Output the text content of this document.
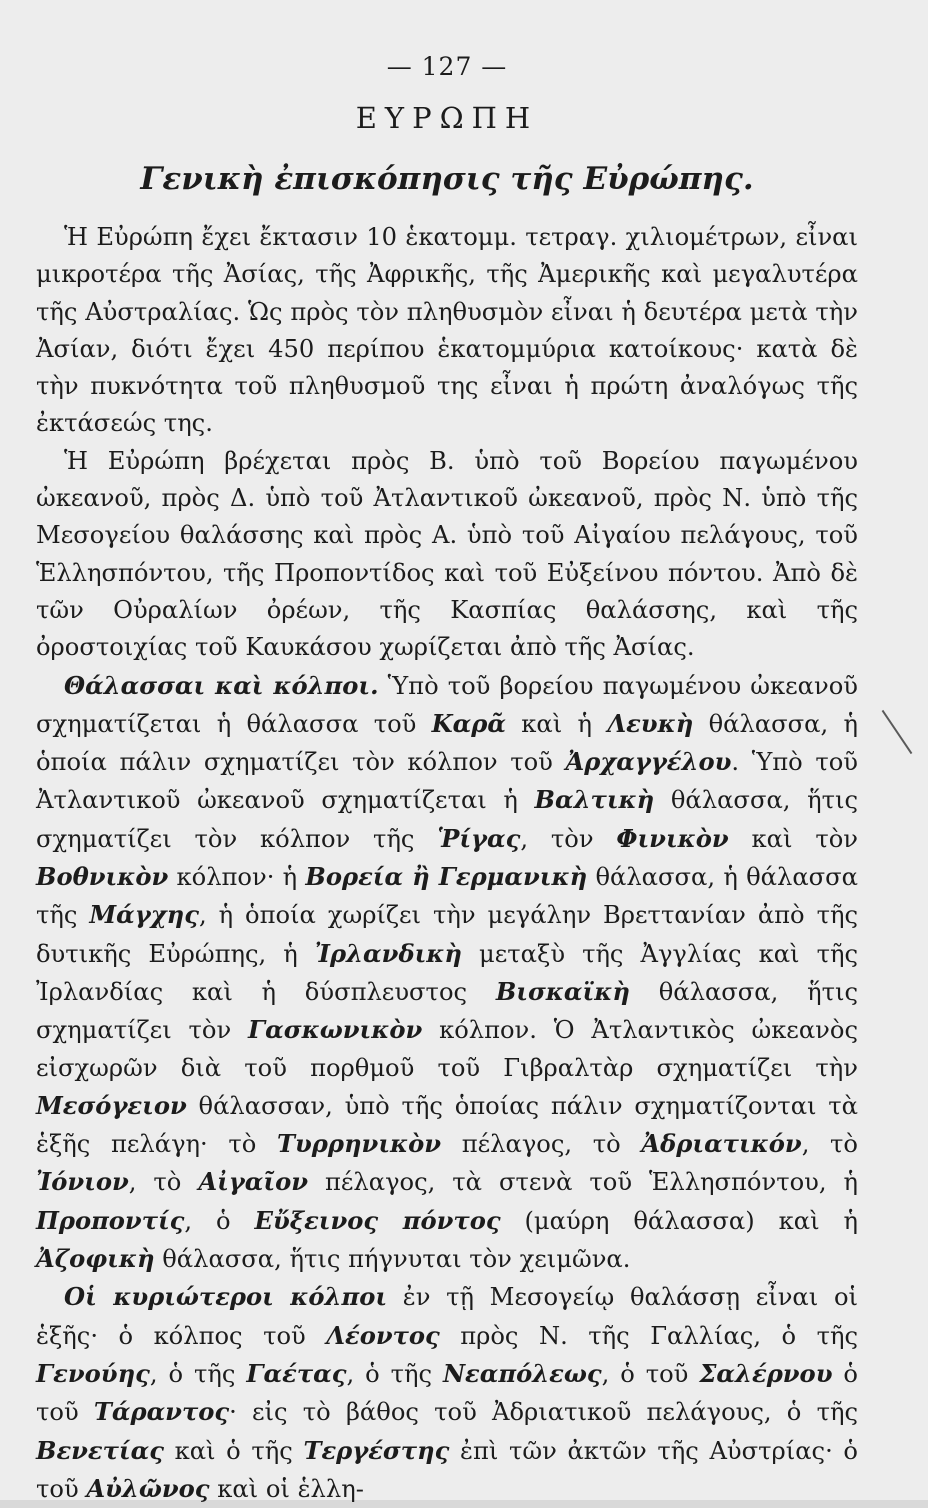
— 127 —
ΕΥΡΩΠΗ
Γενικὴ ἐπισκόπησις τῆς Εὐρώπης.

Ἡ Εὐρώπη ἔχει ἔκτασιν 10 ἑκατομμ. τετραγ. χιλιομέτρων, εἶναι μικροτέρα τῆς Ἀσίας, τῆς Ἀφρικῆς, τῆς Ἀμερικῆς καὶ μεγαλυτέρα τῆς Αὐστραλίας. Ὡς πρὸς τὸν πληθυσμὸν εἶναι ἡ δευτέρα μετὰ τὴν Ἀσίαν, διότι ἔχει 450 περίπου ἑκατομμύρια κατοίκους· κατὰ δὲ τὴν πυκνότητα τοῦ πληθυσμοῦ της εἶναι ἡ πρώτη ἀναλόγως τῆς ἐκτάσεώς της.

Ἡ Εὐρώπη βρέχεται πρὸς Β. ὑπὸ τοῦ Βορείου παγωμένου ὠκεανοῦ, πρὸς Δ. ὑπὸ τοῦ Ἀτλαντικοῦ ὠκεανοῦ, πρὸς Ν. ὑπὸ τῆς Μεσογείου θαλάσσης καὶ πρὸς Α. ὑπὸ τοῦ Αἰγαίου πελάγους, τοῦ Ἑλλησπόντου, τῆς Προποντίδος καὶ τοῦ Εὐξείνου πόντου. Ἀπὸ δὲ τῶν Οὐραλίων ὀρέων, τῆς Κασπίας θαλάσσης, καὶ τῆς ὀροστοιχίας τοῦ Καυκάσου χωρίζεται ἀπὸ τῆς Ἀσίας.

Θάλασσαι καὶ κόλποι. Ὑπὸ τοῦ βορείου παγωμένου ὠκεανοῦ σχηματίζεται ἡ θάλασσα τοῦ Καρᾶ καὶ ἡ Λευκὴ θάλασσα, ἡ ὁποία πάλιν σχηματίζει τὸν κόλπον τοῦ Ἀρχαγγέλου. Ὑπὸ τοῦ Ἀτλαντικοῦ ὠκεανοῦ σχηματίζεται ἡ Βαλτικὴ θάλασσα, ἥτις σχηματίζει τὸν κόλπον τῆς Ῥίγας, τὸν Φινικὸν καὶ τὸν Βοθνικὸν κόλπον· ἡ Βορεία ἢ Γερμανικὴ θάλασσα, ἡ θάλασσα τῆς Μάγχης, ἡ ὁποία χωρίζει τὴν μεγάλην Βρεττανίαν ἀπὸ τῆς δυτικῆς Εὐρώπης, ἡ Ἰρλανδικὴ μεταξὺ τῆς Ἀγγλίας καὶ τῆς Ἰρλανδίας καὶ ἡ δύσπλευστος Βισκαϊκὴ θάλασσα, ἥτις σχηματίζει τὸν Γασκωνικὸν κόλπον. Ὁ Ἀτλαντικὸς ὠκεανὸς εἰσχωρῶν διὰ τοῦ πορθμοῦ τοῦ Γιβραλτὰρ σχηματίζει τὴν Μεσόγειον θάλασσαν, ὑπὸ τῆς ὁποίας πάλιν σχηματίζονται τὰ ἑξῆς πελάγη· τὸ Τυρρηνικὸν πέλαγος, τὸ Ἀδριατικόν, τὸ Ἰόνιον, τὸ Αἰγαῖον πέλαγος, τὰ στενὰ τοῦ Ἑλλησπόντου, ἡ Προποντίς, ὁ Εὔξεινος πόντος (μαύρη θάλασσα) καὶ ἡ Ἀζοφικὴ θάλασσα, ἥτις πήγνυται τὸν χειμῶνα.

Οἱ κυριώτεροι κόλποι ἐν τῇ Μεσογείῳ θαλάσσῃ εἶναι οἱ ἑξῆς· ὁ κόλπος τοῦ Λέοντος πρὸς Ν. τῆς Γαλλίας, ὁ τῆς Γενούης, ὁ τῆς Γαέτας, ὁ τῆς Νεαπόλεως, ὁ τοῦ Σαλέρνου ὁ τοῦ Τάραντος· εἰς τὸ βάθος τοῦ Ἀδριατικοῦ πελάγους, ὁ τῆς Βενετίας καὶ ὁ τῆς Τεργέστης ἐπὶ τῶν ἀκτῶν τῆς Αὐστρίας· ὁ τοῦ Αὐλῶνος καὶ οἱ ἑλλη-
